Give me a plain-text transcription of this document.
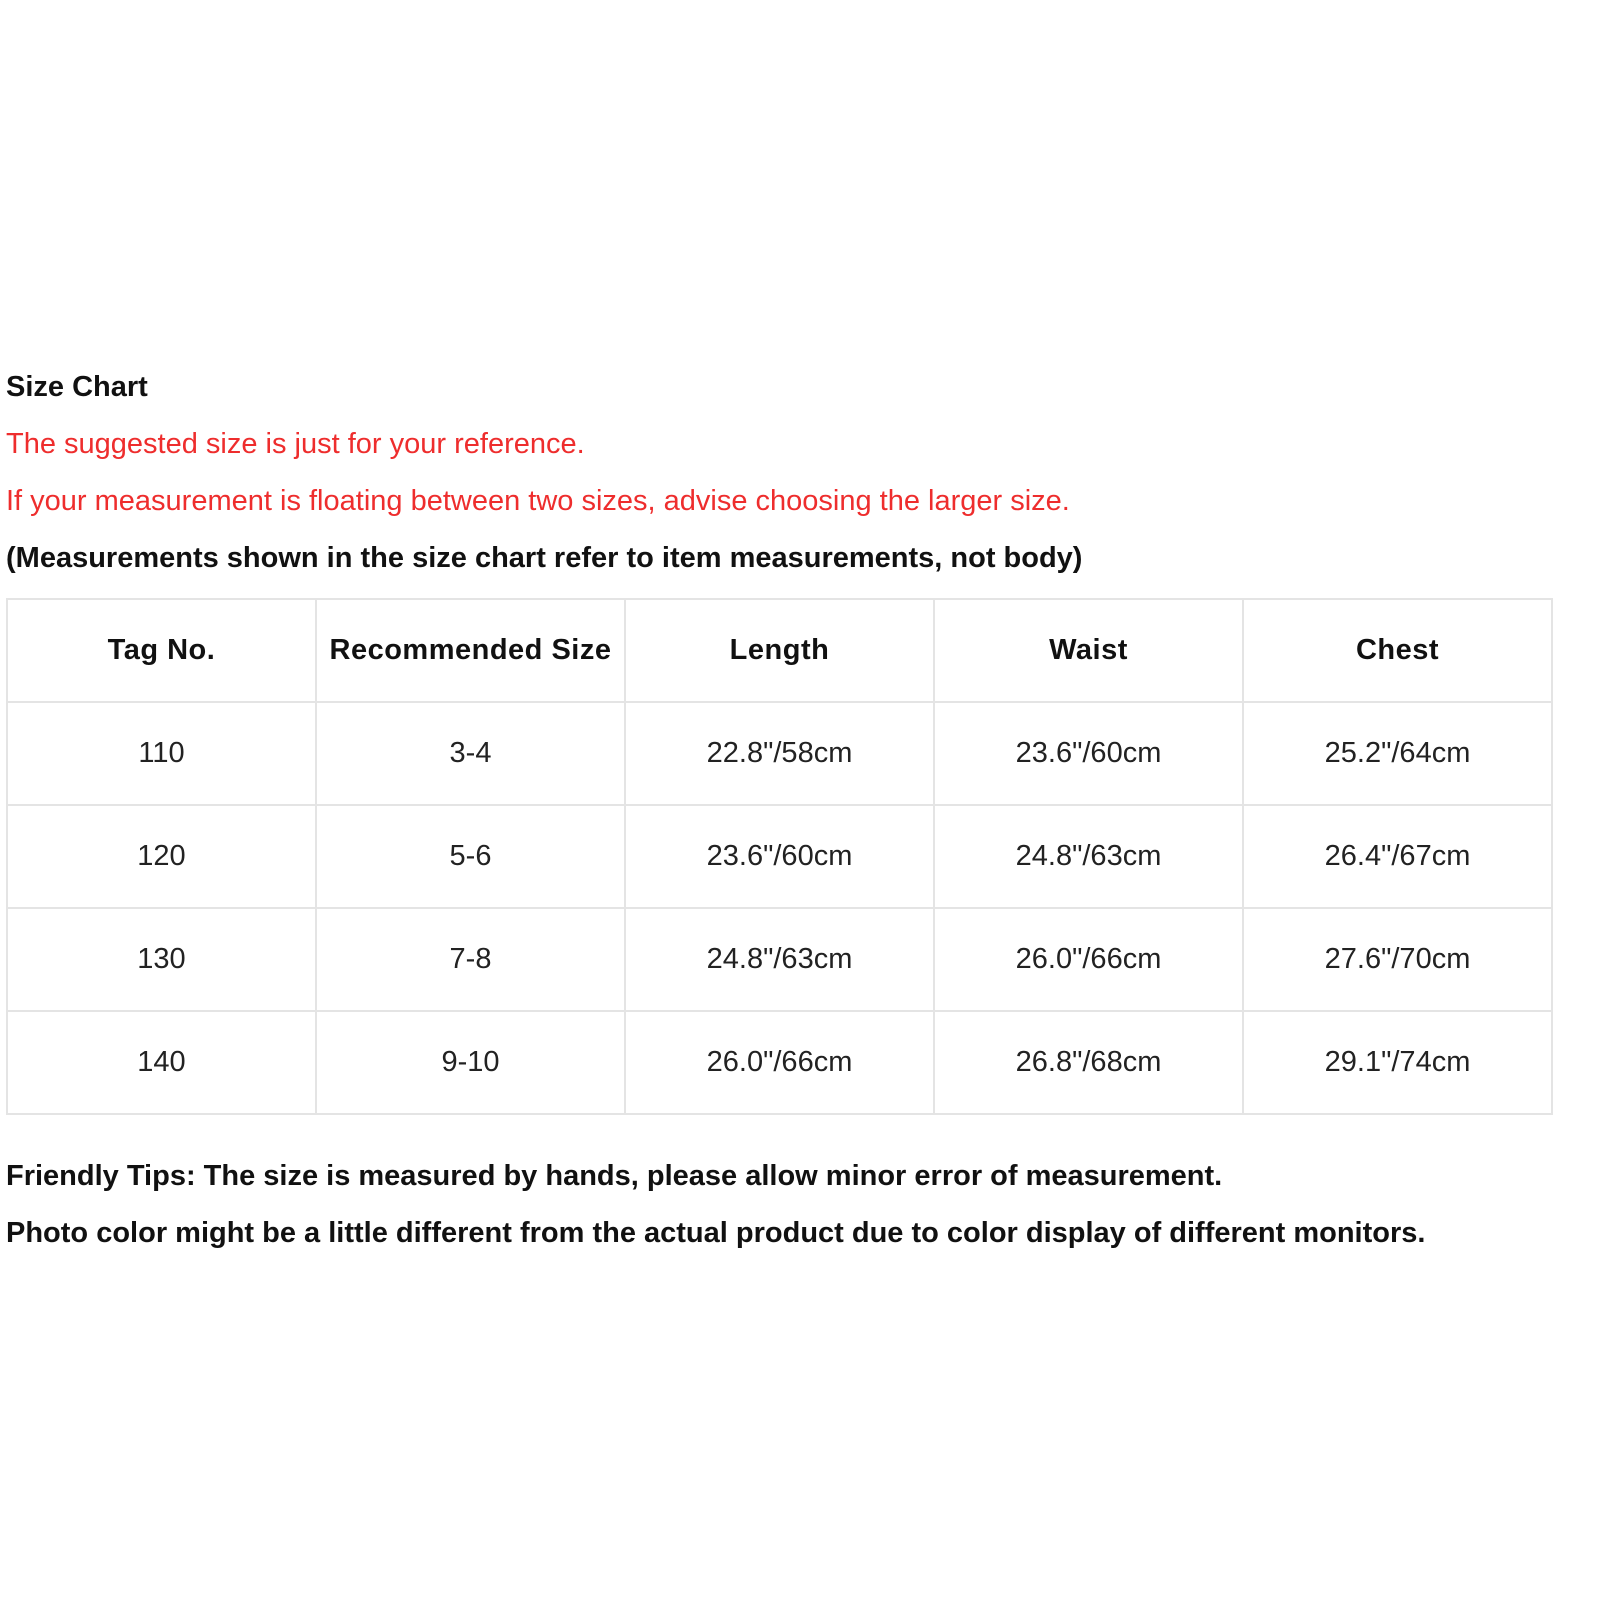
Size Chart
The suggested size is just for your reference.
If your measurement is floating between two sizes, advise choosing the larger size.
(Measurements shown in the size chart refer to item measurements, not body)
Tag No.	Recommended Size	Length	Waist	Chest
110	3-4	22.8"/58cm	23.6"/60cm	25.2"/64cm
120	5-6	23.6"/60cm	24.8"/63cm	26.4"/67cm
130	7-8	24.8"/63cm	26.0"/66cm	27.6"/70cm
140	9-10	26.0"/66cm	26.8"/68cm	29.1"/74cm
Friendly Tips: The size is measured by hands, please allow minor error of measurement.
Photo color might be a little different from the actual product due to color display of different monitors.
